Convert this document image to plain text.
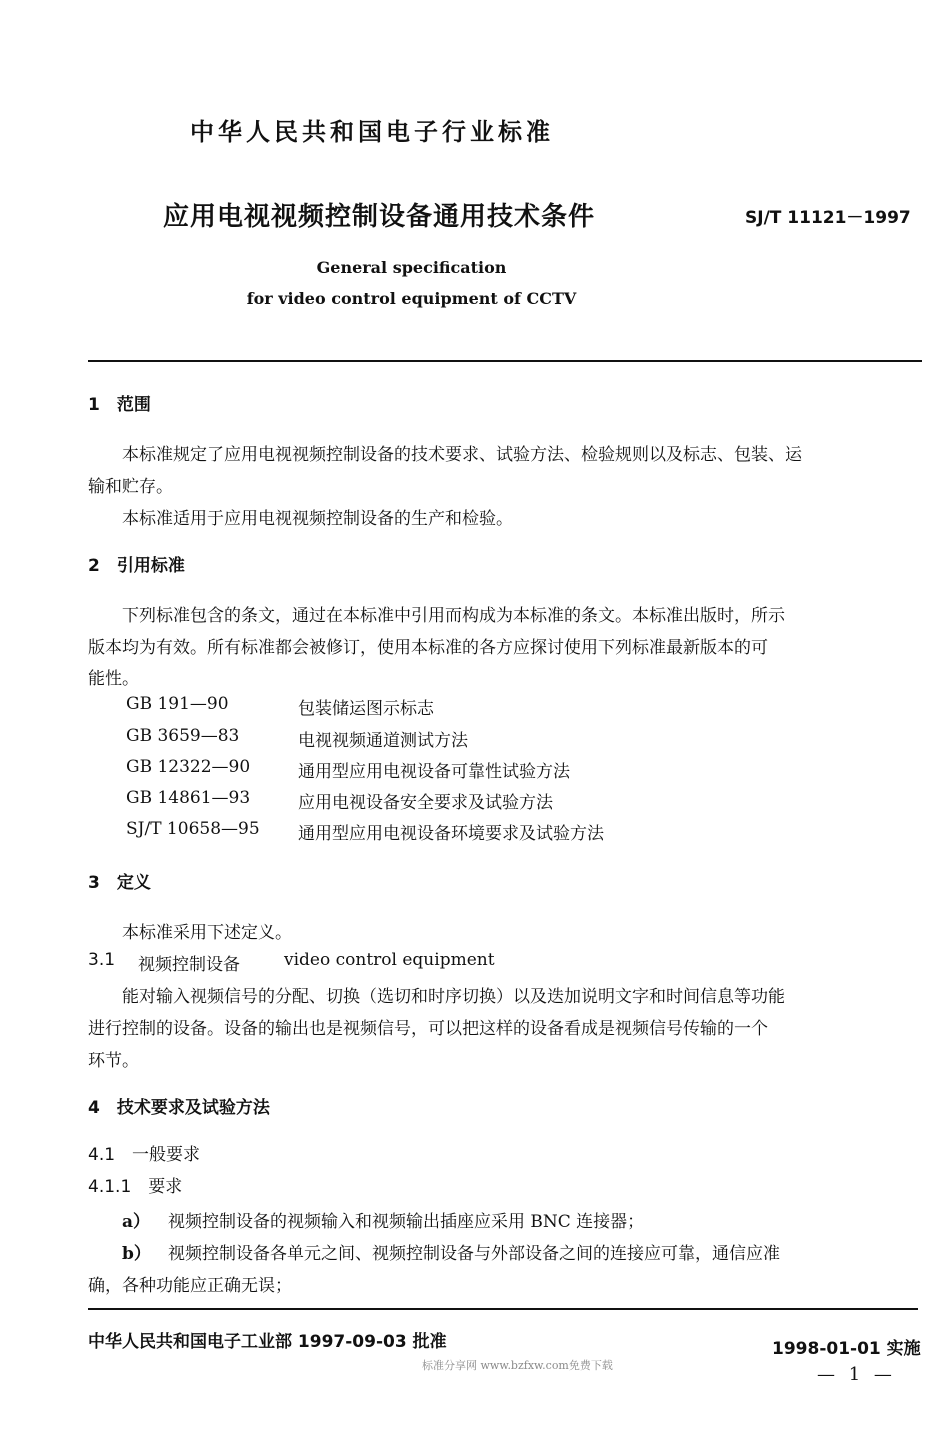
中华人民共和国电子行业标准
应用电视视频控制设备通用技术条件	SJ/T 11121－1997
General specification
for video control equipment of CCTV
1　范围
本标准规定了应用电视视频控制设备的技术要求、试验方法、检验规则以及标志、包装、运
输和贮存。
本标准适用于应用电视视频控制设备的生产和检验。
2　引用标准
下列标准包含的条文，通过在本标准中引用而构成为本标准的条文。本标准出版时，所示
版本均为有效。所有标准都会被修订，使用本标准的各方应探讨使用下列标准最新版本的可
能性。
GB 191—90	包装储运图示标志
GB 3659—83	电视视频通道测试方法
GB 12322—90	通用型应用电视设备可靠性试验方法
GB 14861—93	应用电视设备安全要求及试验方法
SJ/T 10658—95 通用型应用电视设备环境要求及试验方法
3　定义
本标准采用下述定义。
3.1 视频控制设备	video control equipment
能对输入视频信号的分配、切换（选切和时序切换）以及迭加说明文字和时间信息等功能
进行控制的设备。设备的输出也是视频信号，可以把这样的设备看成是视频信号传输的一个
环节。
4　技术要求及试验方法
4.1　一般要求
4.1.1　要求
a） 视频控制设备的视频输入和视频输出插座应采用 BNC 连接器；
b） 视频控制设备各单元之间、视频控制设备与外部设备之间的连接应可靠，通信应准
确，各种功能应正确无误；
中华人民共和国电子工业部 1997-09-03 批准	1998-01-01 实施
标准分享网 www.bzfxw.com免费下载	— 1 —
